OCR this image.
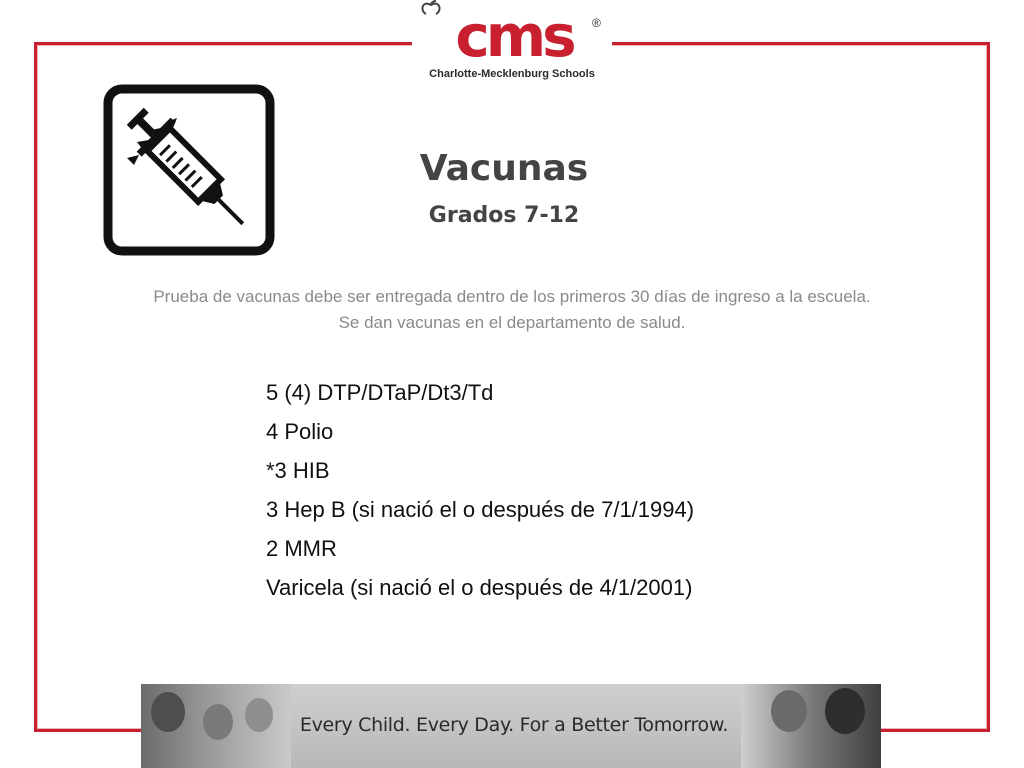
cms	®
Charlotte-Mecklenburg Schools
Vacunas
Grados 7-12

Prueba de vacunas debe ser entregada dentro de los primeros 30 días de ingreso a la escuela. Se dan vacunas en el departamento de salud.

5 (4) DTP/DTaP/Dt3/Td
4 Polio
*3 HIB
3 Hep B (si nació el o después de 7/1/1994)
2 MMR
Varicela (si nació el o después de 4/1/2001)
Every Child. Every Day. For a Better Tomorrow.
